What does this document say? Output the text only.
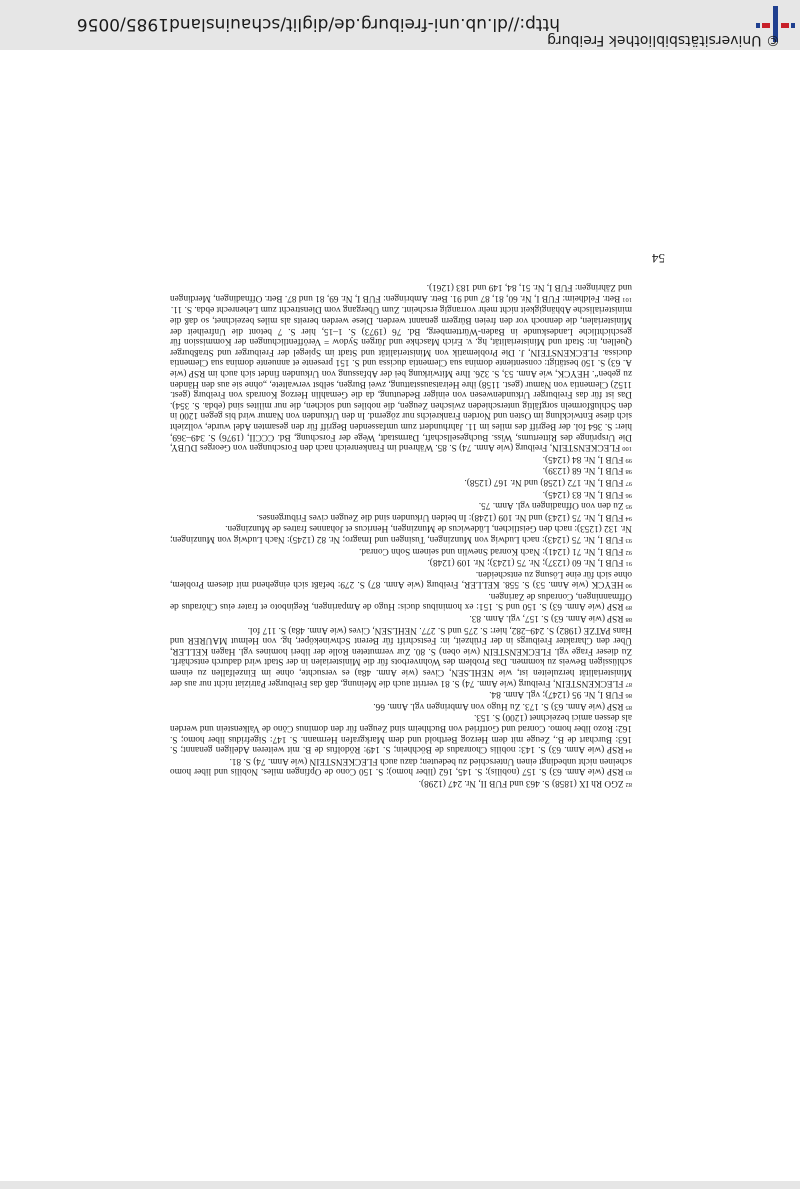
© Universitätsbibliothek Freiburg
http://dl.ub.uni-freiburg.de/diglit/schauinsland1985/0056
54

$^{82}$ZGO Rh IX (1858) S. 463 und FUB II, Nr. 247 (1298).

$^{83}$RSP (wie Anm. 63) S. 157 (nobilis); S. 145, 162 (liber homo); S. 150 Cono de Opfingen miles. Nobilis und liber homo scheinen nicht unbedingt einen Unterschied zu bedeuten; dazu auch FLECKENSTEIN (wie Anm. 74) S. 81.

$^{84}$RSP (wie Anm. 63) S. 143: nobilis Chonradus de Böchhein; S. 149: Rŏdolfus de B. mit weiteren Adeligen genannt; S. 163: Burchart de B., Zeuge mit dem Herzog Berthold und dem Markgrafen Hermann. S. 147: Sigefridus liber homo; S. 162: Rozo liber homo. Conrad und Gottfried von Buchheim sind Zeugen für den dominus Cŏno de Valkenstein und werden als dessen amici bezeichnet (1200) S. 153.

$^{85}$RSP (wie Anm. 63) S. 173. Zu Hugo von Ambringen vgl. Anm. 66.

$^{86}$FUB I, Nr. 95 (1247); vgl. Anm. 84.

$^{87}$FLECKENSTEIN, Freiburg (wie Anm. 74) S. 81 vertritt auch die Meinung, daß das Freiburger Patriziat nicht nur aus der Ministerialität herzuleiten ist, wie NEHLSEN, Cives (wie Anm. 48a) es versuchte, ohne im Einzelfallen zu einem schlüssigen Beweis zu kommen. Das Problem des Wohnverbots für die Ministerialen in der Stadt wird dadurch entschärft. Zu dieser Frage vgl. FLECKENSTEIN (wie oben) S. 80. Zur vermuteten Rolle der liberi homines vgl. Hagen KELLER, Über den Charakter Freiburgs in der Frühzeit, in: Festschrift für Berent Schwineköper, hg. von Helmut MAURER und Hans PATZE (1982) S. 249–282, hier: S. 275 und S. 277. NEHLSEN, Cives (wie Anm. 48a) S. 117 fol.

$^{88}$RSP (wie Anm. 63) S. 157, vgl. Anm. 83.

$^{89}$RSP (wie Anm. 63) S. 150 und S. 151: ex hominibus ducis: Hugo de Amparingen, Reginboto et frater eius Chŏradus de Offmanningen, Conradus de Zaringen.

$^{90}$HEYCK (wie Anm. 53) S. 558. KELLER, Freiburg (wie Anm. 87) S. 279: befaßt sich eingehend mit diesem Problem, ohne sich für eine Lösung zu entscheiden.

$^{91}$FUB I, Nr. 60 (1237); Nr. 75 (1243); Nr. 109 (1248).

$^{92}$FUB I, Nr. 71 (1241): Nach Konrad Snewlin und seinem Sohn Conrad.

$^{93}$FUB I, Nr. 75 (1243): nach Ludwig von Munzingen, Tusingen und Imagro; Nr. 82 (1245): Nach Ludwig von Munzingen; Nr. 132 (1253): nach den Geistlichen, Lŭdewicus de Munzingen, Henricus et Johannes fratres de Munzingen.

$^{94}$FUB I, Nr. 75 (1243) und Nr. 109 (1248): In beiden Urkunden sind die Zeugen cives Friburgenses.

$^{95}$Zu den von Offnadingen vgl. Anm. 75.

$^{96}$FUB I, Nr. 83 (1245).

$^{97}$FUB I, Nr. 172 (1258) und Nr. 167 (1258).

$^{98}$FUB I, Nr. 68 (1239).

$^{99}$FUB I, Nr. 84 (1245).

$^{100}$FLECKENSTEIN, Freiburg (wie Anm. 74) S. 85. Während im Frankenreich nach den Forschungen von Georges DUBY, Die Ursprünge des Rittertums, Wiss. Buchgesellschaft, Darmstadt, Wege der Forschung, Bd. CCCII, (1976) S. 349–369, hier: S. 364 fol. der Begriff des miles im 11. Jahrhundert zum umfassenden Begriff für den gesamten Adel wurde, vollzieht sich diese Entwicklung im Osten und Norden Frankreichs nur zögernd. In den Urkunden von Namur wird bis gegen 1200 in den Schlußformeln sorgfältig unterschieden zwischen Zeugen, die nobiles und solchen, die nur milites sind (ebda. S. 354). Das ist für das Freiburger Urkundenwesen von einiger Bedeutung, da die Gemahlin Herzog Konrads von Freiburg (gest. 1152) Clementia von Namur (gest. 1158) ihre Heiratsausstattung, zwei Burgen, selbst verwaltete, „ohne sie aus den Händen zu geben“. HEYCK, wie Anm. 53, S. 326. Ihre Mitwirkung bei der Abfassung von Urkunden findet sich auch im RSP (wie A. 63) S. 150 bestätigt: consentiente domina sua Clementia ducissa und S. 151 presente et annuente domina sua Clementia ducissa. FLECKENSTEIN, J. Die Problematik von Ministerialität und Stadt im Spiegel der Freiburger und Straßburger Quellen, in: Stadt und Ministerialität, hg. v. Erich Maschke und Jürgen Sydow = Veröffentlichungen der Kommission für geschichtliche Landeskunde in Baden-Württemberg, Bd. 76 (1973) S. 1–15, hier S. 7 betont die Unfreiheit der Ministerialen, die dennoch vor den freien Bürgern genannt werden. Diese werden bereits als miles bezeichnet, so daß die ministerialische Abhängigkeit nicht mehr vorrangig erscheint. Zum Übergang vom Dienstrecht zum Lehenrecht ebda. S. 11.

$^{101}$Betr. Feldheim: FUB I, Nr. 60, 81, 87 und 91. Betr. Ambringen: FUB I, Nr. 69, 81 und 87. Betr. Offnadingen, Merdingen und Zähringen: FUB I, Nr. 51, 84, 149 und 183 (1261).
